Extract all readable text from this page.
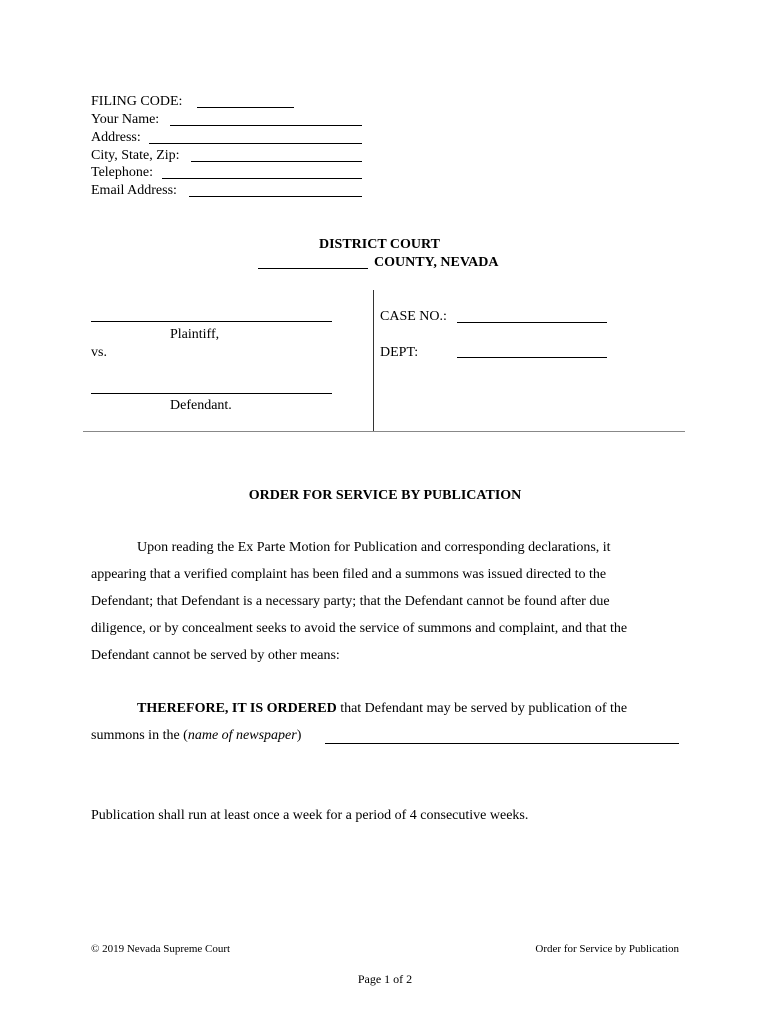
FILING CODE:
Your Name:
Address:
City, State, Zip:
Telephone:
Email Address:
DISTRICT COURT
COUNTY, NEVADA
Plaintiff,
vs.
Defendant.
CASE NO.:
DEPT:
ORDER FOR SERVICE BY PUBLICATION
Upon reading the Ex Parte Motion for Publication and corresponding declarations, it
appearing that a verified complaint has been filed and a summons was issued directed to the
Defendant; that Defendant is a necessary party; that the Defendant cannot be found after due
diligence, or by concealment seeks to avoid the service of summons and complaint, and that the
Defendant cannot be served by other means:
THEREFORE, IT IS ORDERED that Defendant may be served by publication of the
summons in the (name of newspaper)
Publication shall run at least once a week for a period of 4 consecutive weeks.
© 2019 Nevada Supreme Court	Order for Service by Publication
Page 1 of 2
